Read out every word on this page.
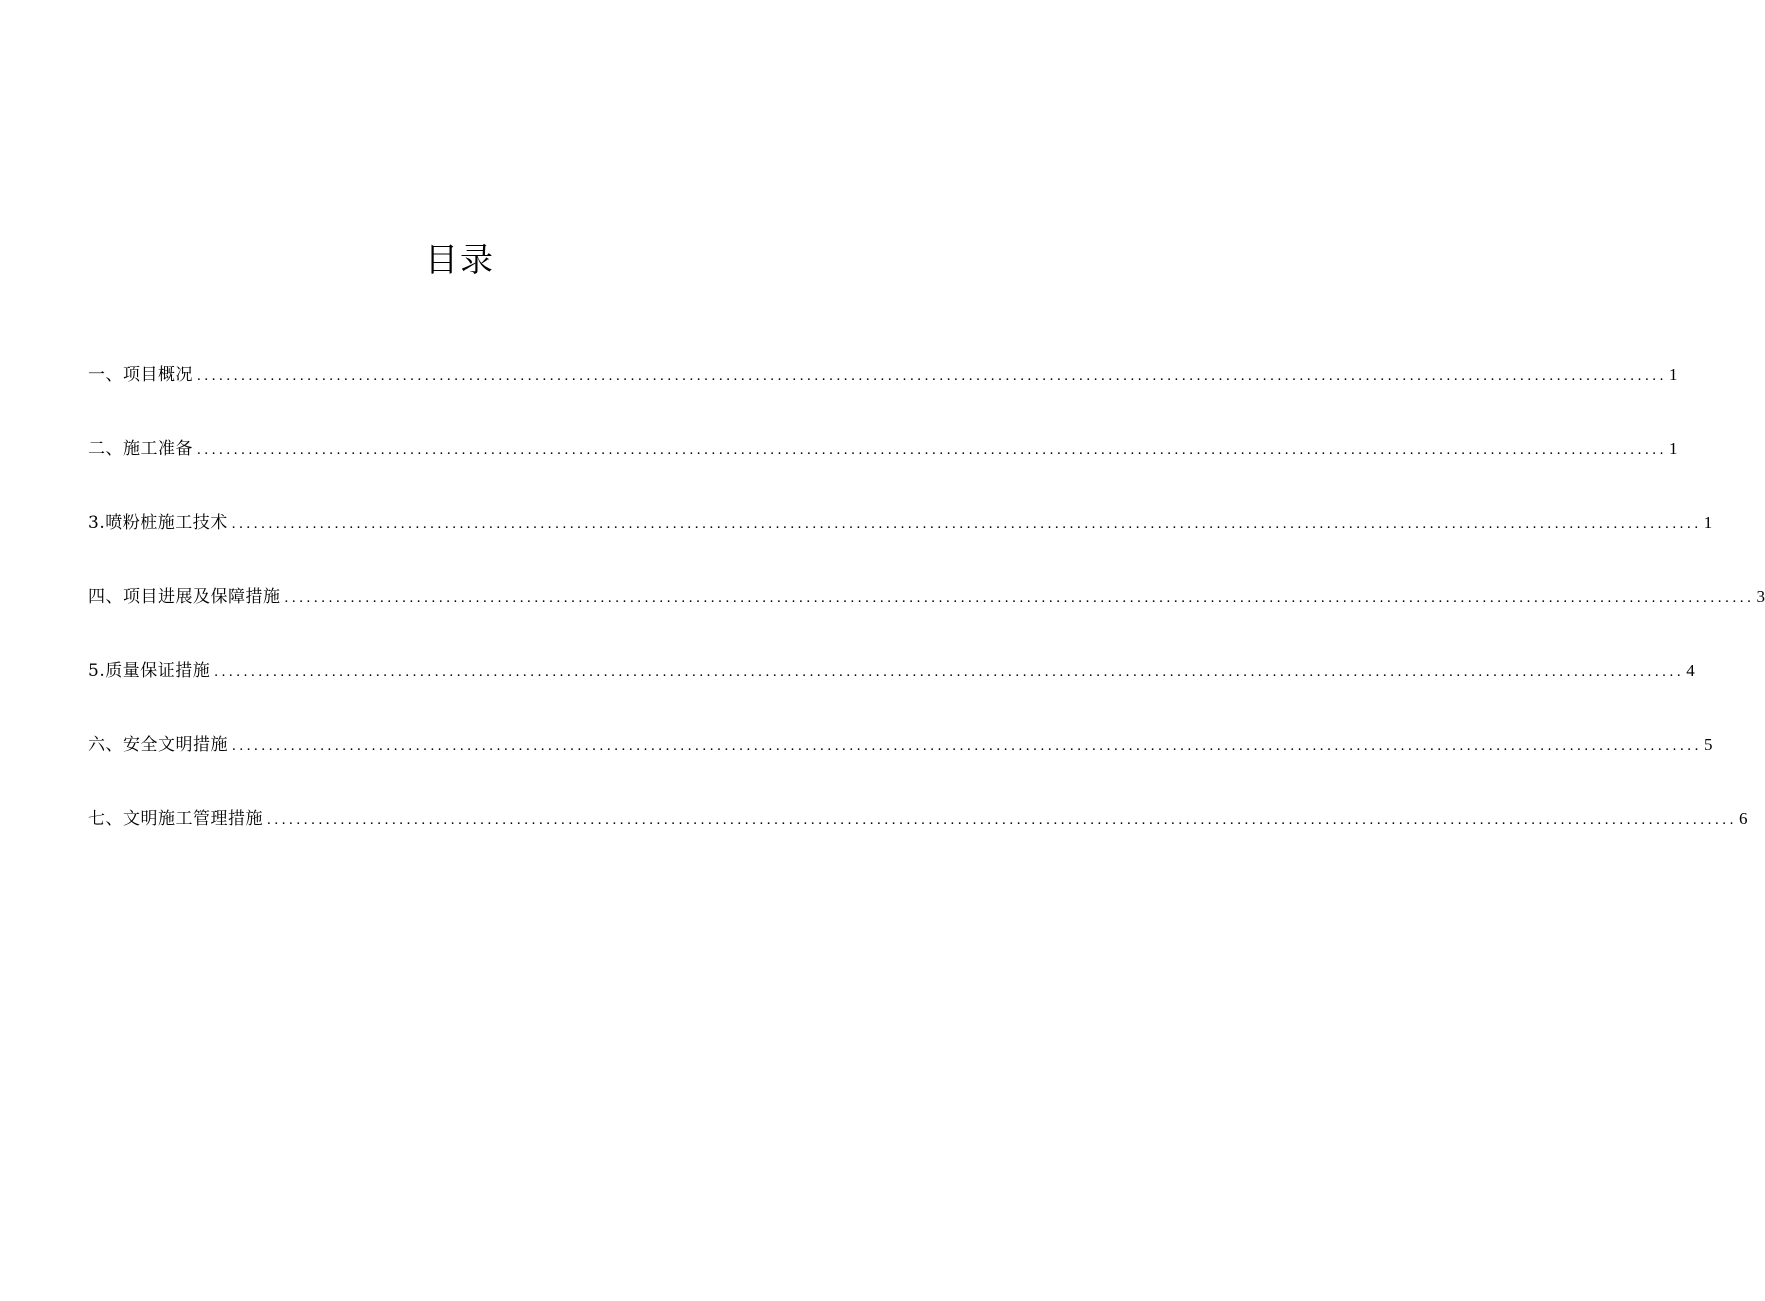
目录
一、项目概况 ........................................................................................................................................................................................................ 1
二、施工准备 ........................................................................................................................................................................................................ 1
3.喷粉桩施工技术 ........................................................................................................................................................................................................ 1
四、项目进展及保障措施 ........................................................................................................................................................................................................ 3
5.质量保证措施 ........................................................................................................................................................................................................ 4
六、安全文明措施 ........................................................................................................................................................................................................ 5
七、文明施工管理措施 ........................................................................................................................................................................................................ 6
